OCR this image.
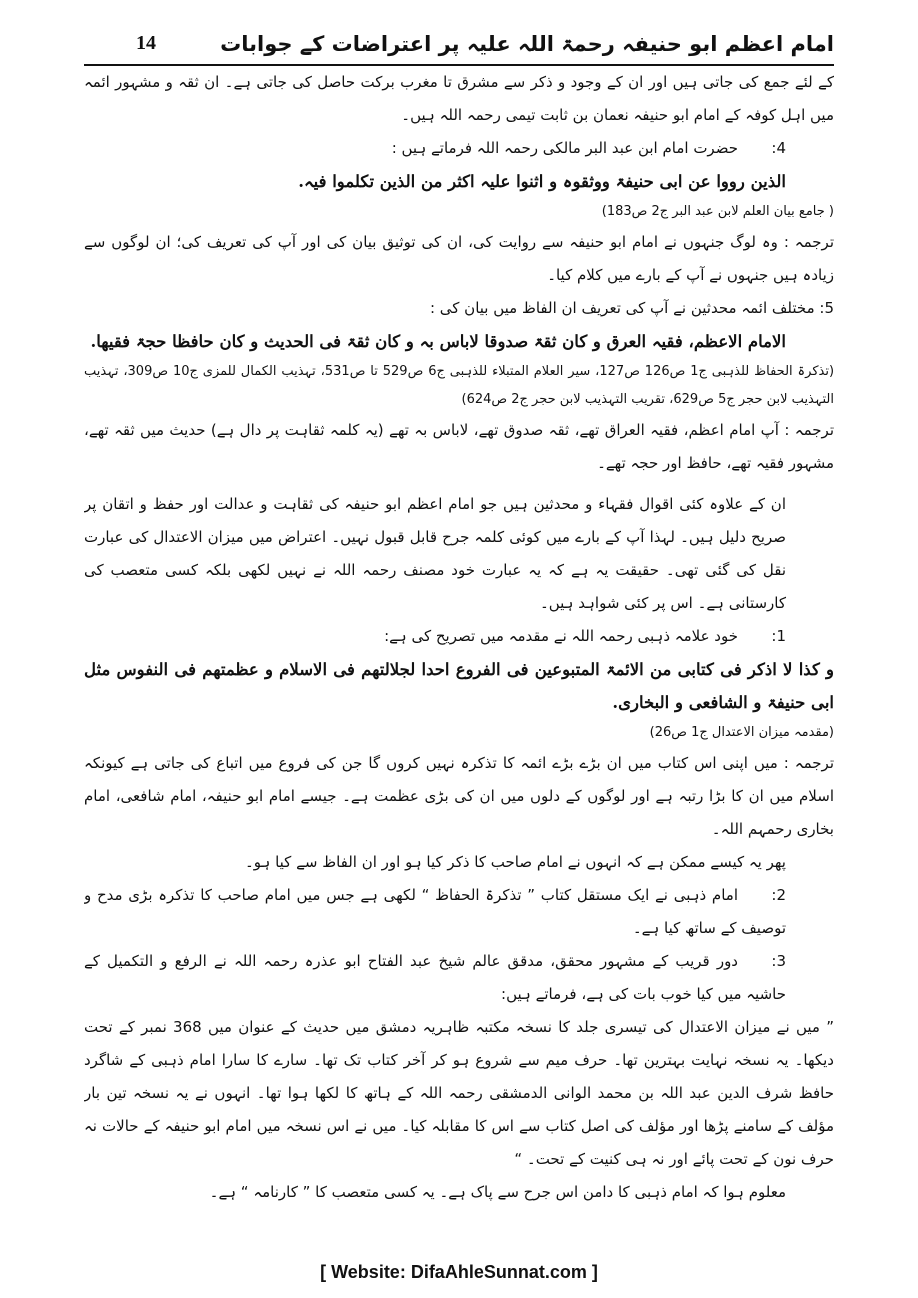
امام اعظم ابو حنیفہ رحمۃ اللہ علیہ پر اعتراضات کے جوابات
14

کے لئے جمع کی جاتی ہیں اور ان کے وجود و ذکر سے مشرق تا مغرب برکت حاصل کی جاتی ہے۔ ان ثقہ و مشہور ائمہ میں اہل کوفہ کے امام ابو حنیفہ نعمان بن ثابت تیمی رحمہ اللہ ہیں۔

4:حضرت امام ابن عبد البر مالکی رحمہ اللہ فرماتے ہیں :

الذین رووا عن ابی حنیفۃ ووثقوہ و اثنوا علیہ اکثر من الذین تکلموا فیہ.

( جامع بیان العلم لابن عبد البر ج2 ص183)

ترجمہ : وہ لوگ جنہوں نے امام ابو حنیفہ سے روایت کی، ان کی توثیق بیان کی اور آپ کی تعریف کی؛ ان لوگوں سے زیادہ ہیں جنہوں نے آپ کے بارے میں کلام کیا۔

5: مختلف ائمہ محدثین نے آپ کی تعریف ان الفاظ میں بیان کی :

الامام الاعظم، فقیہ العرق و کان ثقۃ صدوقا لاباس بہ و کان ثقۃ فی الحدیث و کان حافظا حجۃ فقیھا.

(تذکرۃ الحفاظ للذہبی ج1 ص126 ص127، سیر العلام المتبلاء للذہبی ج6 ص529 تا ص531، تہذیب الکمال للمزی ج10 ص309، تہذیب التہذیب لابن حجر ج5 ص629، تقریب التہذیب لابن حجر ج2 ص624)

ترجمہ : آپ امام اعظم، فقیہ العراق تھے، ثقہ صدوق تھے، لاباس بہ تھے (یہ کلمہ ثقاہت پر دال ہے) حدیث میں ثقہ تھے، مشہور فقیہ تھے، حافظ اور حجہ تھے۔

ان کے علاوہ کئی اقوال فقہاء و محدثین ہیں جو امام اعظم ابو حنیفہ کی ثقاہت و عدالت اور حفظ و اتقان پر صریح دلیل ہیں۔ لہذا آپ کے بارے میں کوئی کلمہ جرح قابل قبول نہیں۔ اعتراض میں میزان الاعتدال کی عبارت نقل کی گئی تھی۔ حقیقت یہ ہے کہ یہ عبارت خود مصنف رحمہ اللہ نے نہیں لکھی بلکہ کسی متعصب کی کارستانی ہے۔ اس پر کئی شواہد ہیں۔

1:خود علامہ ذہبی رحمہ اللہ نے مقدمہ میں تصریح کی ہے:

و کذا لا اذکر فی کتابی من الائمۃ المتبوعین فی الفروع احدا لجلالتھم فی الاسلام و عظمتھم فی النفوس مثل ابی حنیفۃ و الشافعی و البخاری.

(مقدمہ میزان الاعتدال ج1 ص26)

ترجمہ : میں اپنی اس کتاب میں ان بڑے بڑے ائمہ کا تذکرہ نہیں کروں گا جن کی فروع میں اتباع کی جاتی ہے کیونکہ اسلام میں ان کا بڑا رتبہ ہے اور لوگوں کے دلوں میں ان کی بڑی عظمت ہے۔ جیسے امام ابو حنیفہ، امام شافعی، امام بخاری رحمہم اللہ۔

پھر یہ کیسے ممکن ہے کہ انہوں نے امام صاحب کا ذکر کیا ہو اور ان الفاظ سے کیا ہو۔

2:امام ذہبی نے ایک مستقل کتاب ” تذکرۃ الحفاظ “ لکھی ہے جس میں امام صاحب کا تذکرہ بڑی مدح و توصیف کے ساتھ کیا ہے۔

3:دور قریب کے مشہور محقق، مدقق عالم شیخ عبد الفتاح ابو عذرہ رحمہ اللہ نے الرفع و التکمیل کے حاشیہ میں کیا خوب بات کی ہے، فرماتے ہیں:

” میں نے میزان الاعتدال کی تیسری جلد کا نسخہ مکتبہ ظاہریہ دمشق میں حدیث کے عنوان میں 368 نمبر کے تحت دیکھا۔ یہ نسخہ نہایت بہترین تھا۔ حرف میم سے شروع ہو کر آخر کتاب تک تھا۔ سارے کا سارا امام ذہبی کے شاگرد حافظ شرف الدین عبد اللہ بن محمد الوانی الدمشقی رحمہ اللہ کے ہاتھ کا لکھا ہوا تھا۔ انہوں نے یہ نسخہ تین بار مؤلف کے سامنے پڑھا اور مؤلف کی اصل کتاب سے اس کا مقابلہ کیا۔ میں نے اس نسخہ میں امام ابو حنیفہ کے حالات نہ حرف نون کے تحت پائے اور نہ ہی کنیت کے تحت۔ “

معلوم ہوا کہ امام ذہبی کا دامن اس جرح سے پاک ہے۔ یہ کسی متعصب کا ” کارنامہ “ ہے۔

[ Website: DifaAhleSunnat.com ]
